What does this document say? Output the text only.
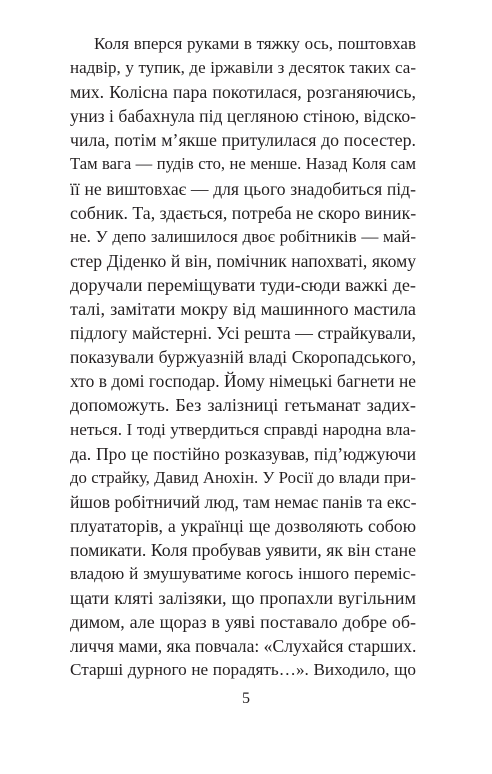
Коля вперся руками в тяжку ось, поштовхав
надвір, у тупик, де іржавіли з десяток таких са-
мих. Колісна пара покотилася, розганяючись,
униз і бабахнула під цегляною стіною, відско-
чила, потім м’якше притулилася до посестер.
Там вага — пудів сто, не менше. Назад Коля сам
її не виштовхає — для цього знадобиться під-
собник. Та, здається, потреба не скоро виник-
не. У депо залишилося двоє робітників — май-
стер Діденко й він, помічник напохваті, якому
доручали переміщувати туди-сюди важкі де-
талі, замітати мокру від машинного мастила
підлогу майстерні. Усі решта — страйкували,
показували буржуазній владі Скоропадського,
хто в домі господар. Йому німецькі багнети не
допоможуть. Без залізниці гетьманат задих-
неться. І тоді утвердиться справді народна вла-
да. Про це постійно розказував, під’юджуючи
до страйку, Давид Анохін. У Росії до влади при-
йшов робітничий люд, там немає панів та екс-
плуататорів, а українці ще дозволяють собою
помикати. Коля пробував уявити, як він стане
владою й змушуватиме когось іншого переміс-
щати кляті залізяки, що пропахли вугільним
димом, але щораз в уяві поставало добре об-
личчя мами, яка повчала: «Слухайся старших.
Старші дурного не порадять…». Виходило, що
5
